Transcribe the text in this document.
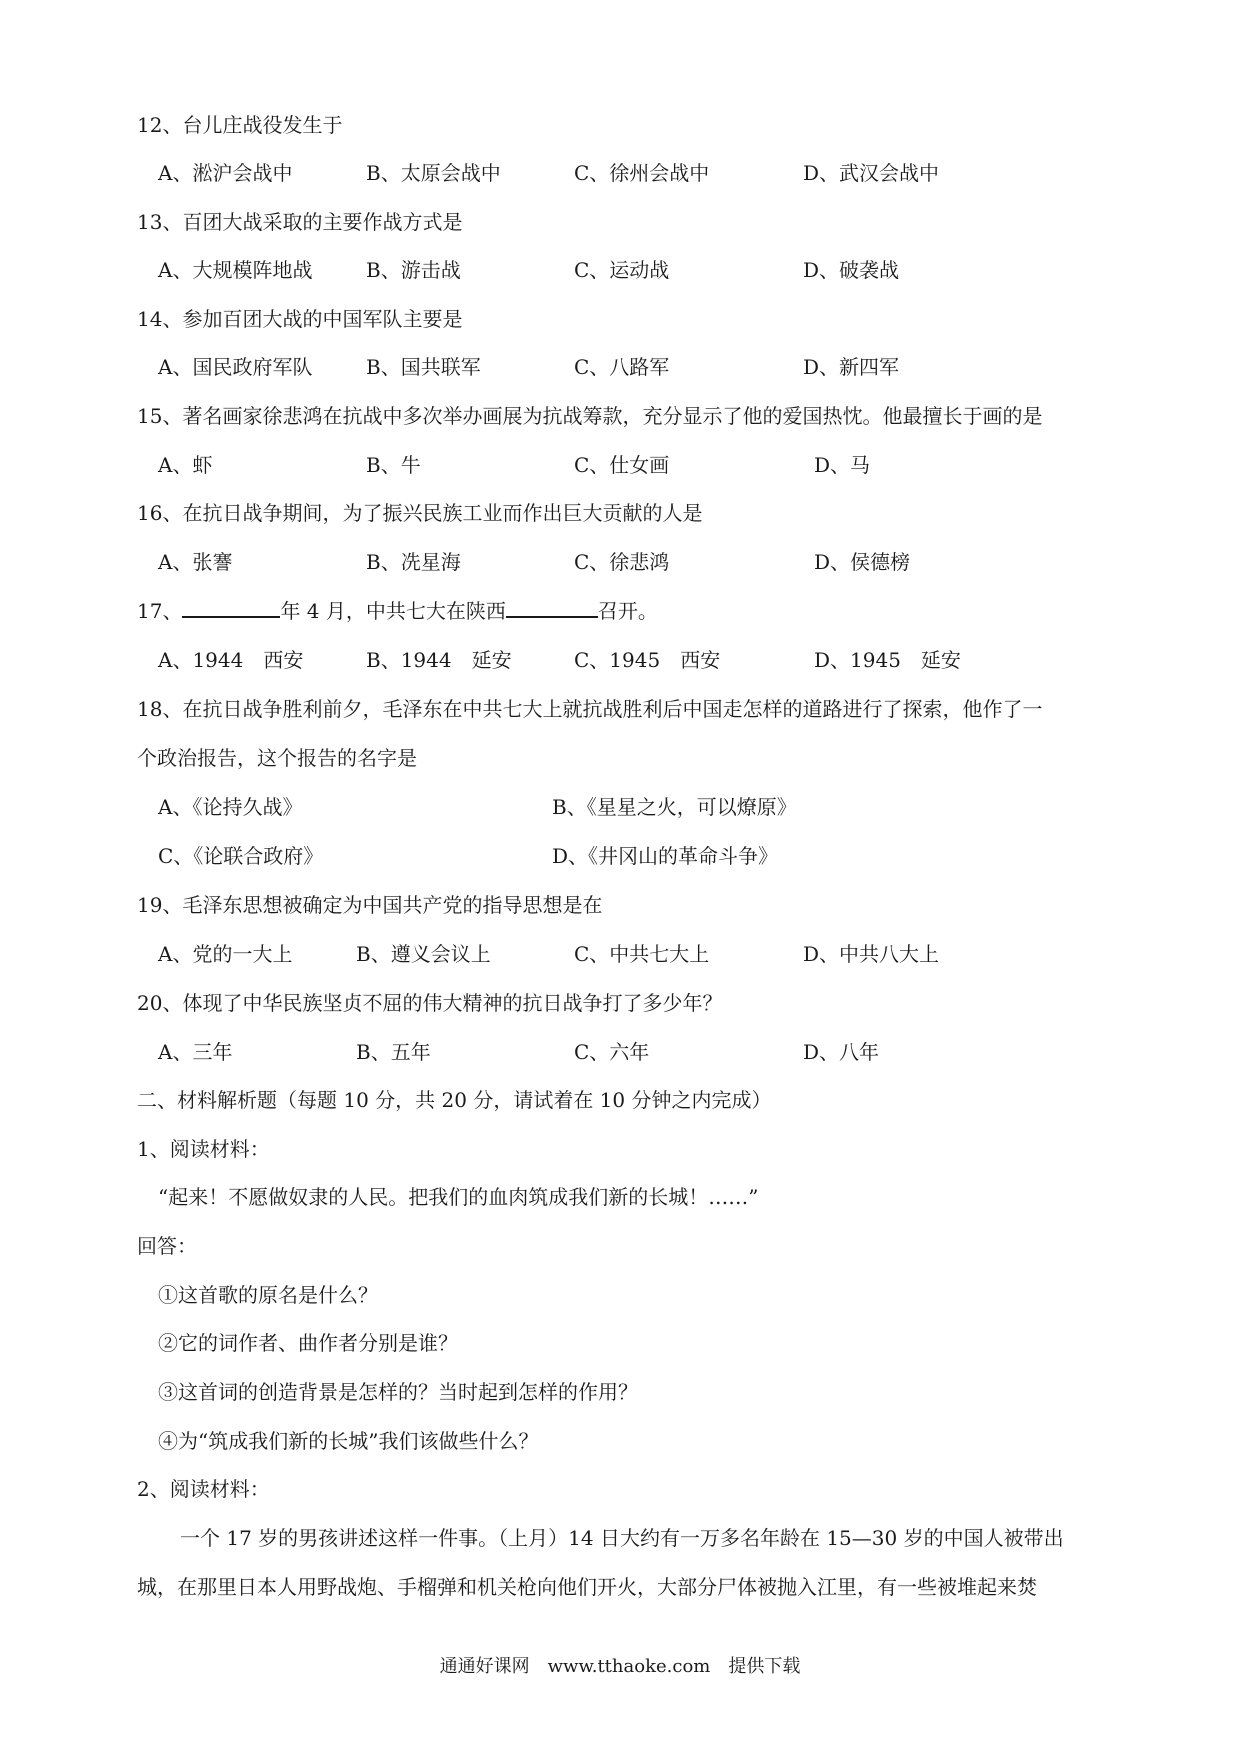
12、台儿庄战役发生于
A、淞沪会战中	B、太原会战中	C、徐州会战中	D、武汉会战中
13、百团大战采取的主要作战方式是
A、大规模阵地战	B、游击战	C、运动战	D、破袭战
14、参加百团大战的中国军队主要是
A、国民政府军队	B、国共联军	C、八路军	D、新四军
15、著名画家徐悲鸿在抗战中多次举办画展为抗战筹款，充分显示了他的爱国热忱。他最擅长于画的是
A、虾	B、牛	C、仕女画	D、马
16、在抗日战争期间，为了振兴民族工业而作出巨大贡献的人是
A、张謇	B、冼星海	C、徐悲鸿	D、侯德榜
17、	年 4 月，中共七大在陕西	召开。
A、1944　西安	B、1944　延安	C、1945　西安	D、1945　延安
18、在抗日战争胜利前夕，毛泽东在中共七大上就抗战胜利后中国走怎样的道路进行了探索，他作了一
个政治报告，这个报告的名字是
A、《论持久战》	B、《星星之火，可以燎原》
C、《论联合政府》	D、《井冈山的革命斗争》
19、毛泽东思想被确定为中国共产党的指导思想是在
A、党的一大上	B、遵义会议上	C、中共七大上	D、中共八大上
20、体现了中华民族坚贞不屈的伟大精神的抗日战争打了多少年？
A、三年	B、五年	C、六年	D、八年
二、材料解析题（每题 10 分，共 20 分，请试着在 10 分钟之内完成）
1、阅读材料：
“起来！不愿做奴隶的人民。把我们的血肉筑成我们新的长城！……”
回答：
①这首歌的原名是什么？
②它的词作者、曲作者分别是谁？
③这首词的创造背景是怎样的？当时起到怎样的作用？
④为“筑成我们新的长城”我们该做些什么？
2、阅读材料：
一个 17 岁的男孩讲述这样一件事。（上月）14 日大约有一万多名年龄在 15—30 岁的中国人被带出
城，在那里日本人用野战炮、手榴弹和机关枪向他们开火，大部分尸体被抛入江里，有一些被堆起来焚
通通好课网　www.tthaoke.com　提供下载
